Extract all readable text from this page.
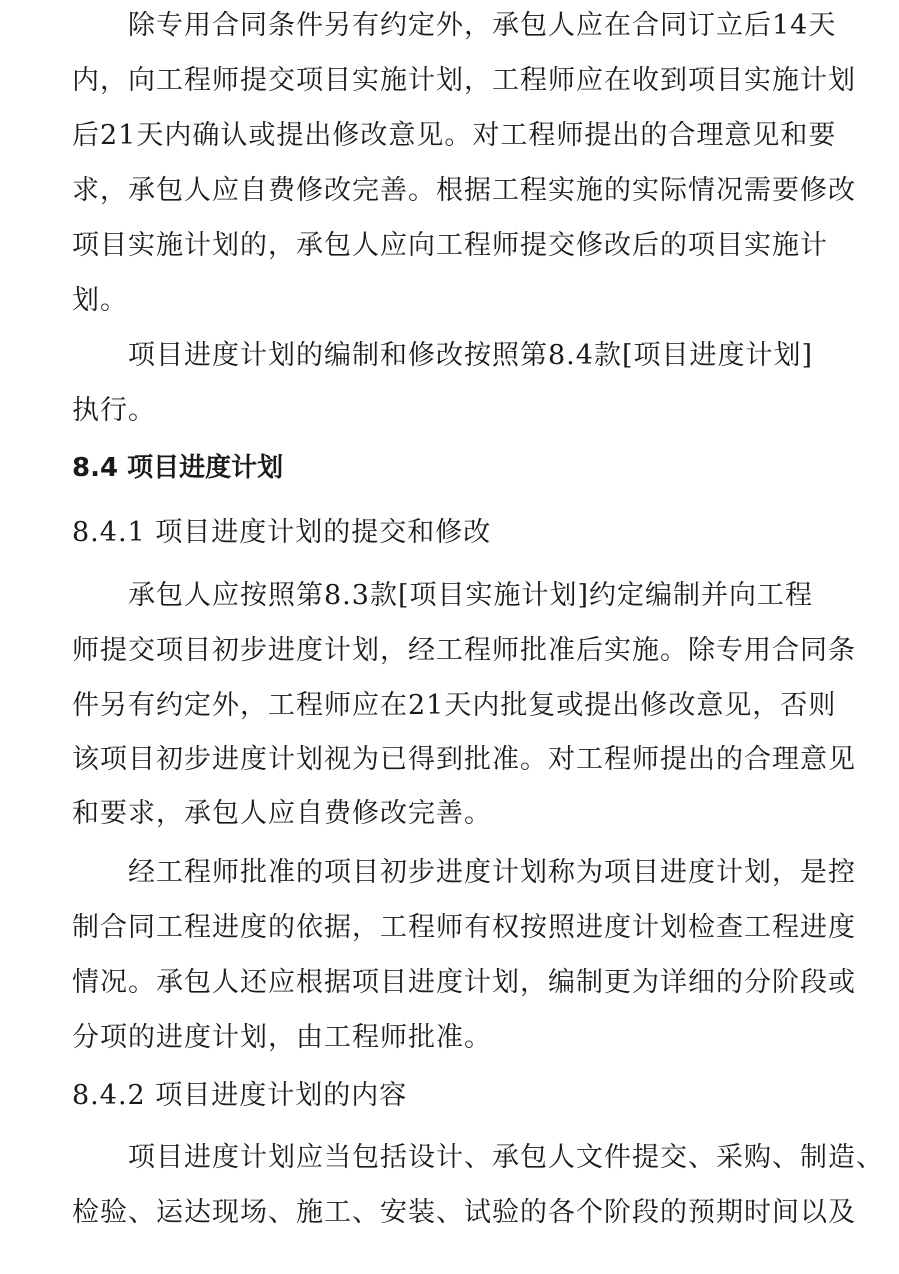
除专用合同条件另有约定外，承包人应在合同订立后14天
内，向工程师提交项目实施计划，工程师应在收到项目实施计划
后21天内确认或提出修改意见。对工程师提出的合理意见和要
求，承包人应自费修改完善。根据工程实施的实际情况需要修改
项目实施计划的，承包人应向工程师提交修改后的项目实施计
划。
项目进度计划的编制和修改按照第8.4款[项目进度计划]
执行。
8.4 项目进度计划
8.4.1 项目进度计划的提交和修改
承包人应按照第8.3款[项目实施计划]约定编制并向工程
师提交项目初步进度计划，经工程师批准后实施。除专用合同条
件另有约定外，工程师应在21天内批复或提出修改意见，否则
该项目初步进度计划视为已得到批准。对工程师提出的合理意见
和要求，承包人应自费修改完善。
经工程师批准的项目初步进度计划称为项目进度计划，是控
制合同工程进度的依据，工程师有权按照进度计划检查工程进度
情况。承包人还应根据项目进度计划，编制更为详细的分阶段或
分项的进度计划，由工程师批准。
8.4.2 项目进度计划的内容
项目进度计划应当包括设计、承包人文件提交、采购、制造、
检验、运达现场、施工、安装、试验的各个阶段的预期时间以及
